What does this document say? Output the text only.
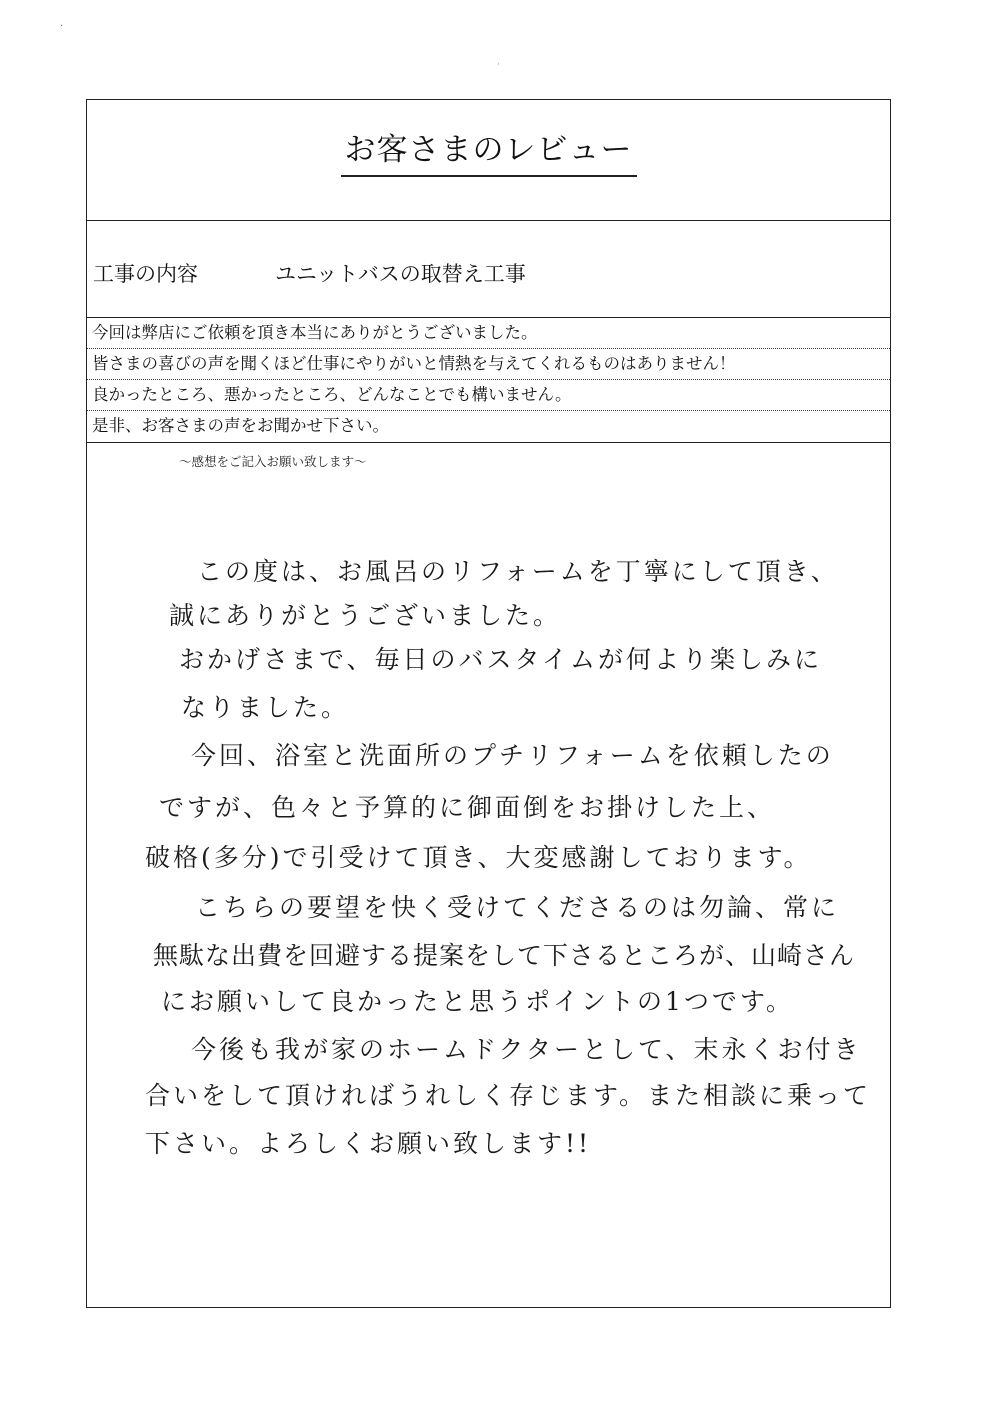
.
·
お客さまのレビュー
工事の内容	ユニットバスの取替え工事
今回は弊店にご依頼を頂き本当にありがとうございました。
皆さまの喜びの声を聞くほど仕事にやりがいと情熱を与えてくれるものはありません！
良かったところ、悪かったところ、どんなことでも構いません。
是非、お客さまの声をお聞かせ下さい。
〜感想をご記入お願い致します〜
この度は、お風呂のリフォームを丁寧にして頂き、
誠にありがとうございました。
おかげさまで、毎日のバスタイムが何より楽しみに
なりました。
今回、浴室と洗面所のプチリフォームを依頼したの
ですが、色々と予算的に御面倒をお掛けした上、
破格(多分)で引受けて頂き、大変感謝しております。
こちらの要望を快く受けてくださるのは勿論、常に
無駄な出費を回避する提案をして下さるところが、山崎さん
にお願いして良かったと思うポイントの1つです。
今後も我が家のホームドクターとして、末永くお付き
合いをして頂ければうれしく存じます。また相談に乗って
下さい。よろしくお願い致します!!
